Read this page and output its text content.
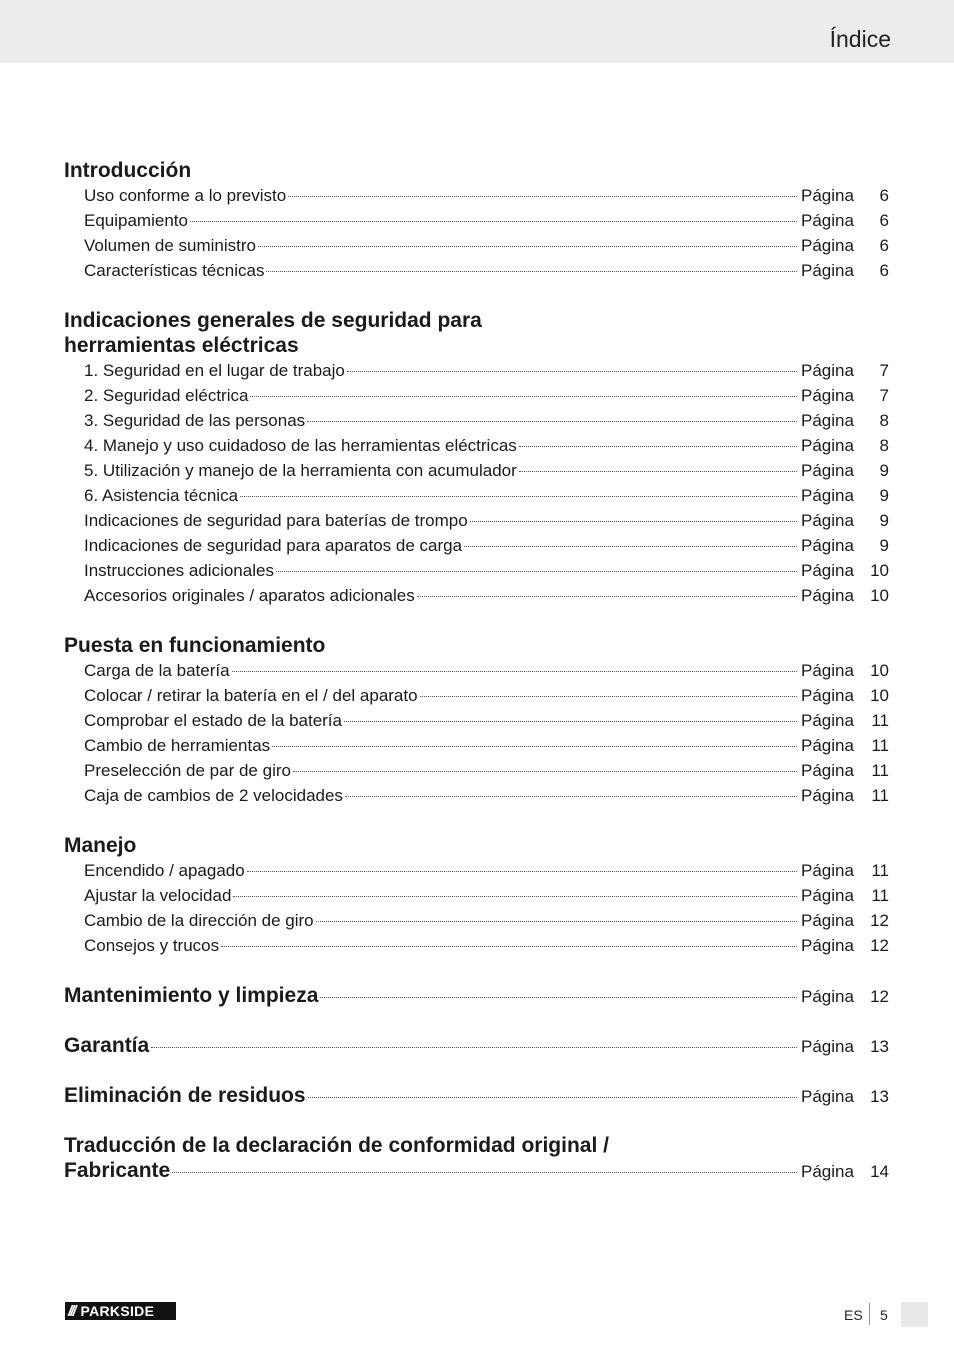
Índice
Introducción
Uso conforme a lo previsto	Página	6
Equipamiento	Página	6
Volumen de suministro	Página	6
Características técnicas	Página	6
Indicaciones generales de seguridad para
herramientas eléctricas
1. Seguridad en el lugar de trabajo	Página	7
2. Seguridad eléctrica	Página	7
3. Seguridad de las personas	Página	8
4. Manejo y uso cuidadoso de las herramientas eléctricas	Página	8
5. Utilización y manejo de la herramienta con acumulador	Página	9
6. Asistencia técnica	Página	9
Indicaciones de seguridad para baterías de trompo	Página	9
Indicaciones de seguridad para aparatos de carga	Página	9
Instrucciones adicionales	Página 10
Accesorios originales / aparatos adicionales	Página 10
Puesta en funcionamiento
Carga de la batería	Página 10
Colocar / retirar la batería en el / del aparato	Página 10
Comprobar el estado de la batería	Página	11
Cambio de herramientas	Página	11
Preselección de par de giro	Página	11
Caja de cambios de 2 velocidades	Página	11
Manejo
Encendido / apagado	Página	11
Ajustar la velocidad	Página	11
Cambio de la dirección de giro	Página 12
Consejos y trucos	Página 12
Mantenimiento y limpieza	Página 12
Garantía	Página 13
Eliminación de residuos	Página 13
Traducción de la declaración de conformidad original /
Fabricante	Página 14
/// PARKSIDE	ES 5
